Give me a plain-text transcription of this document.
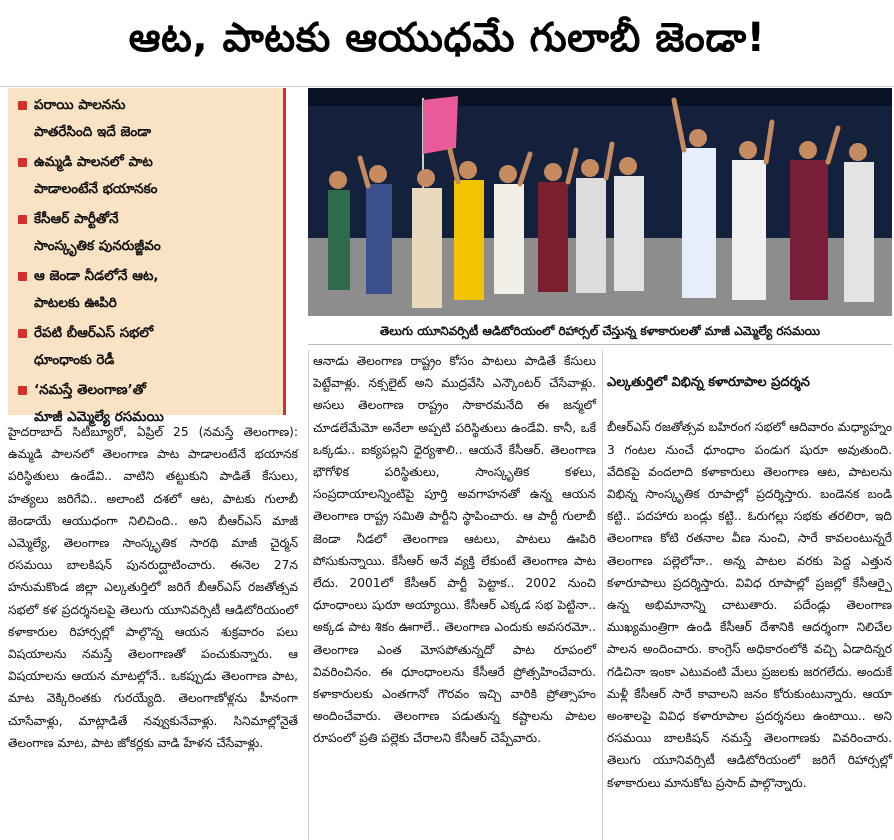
ఆట, పాటకు ఆయుధమే గులాబీ జెండా!
పరాయి పాలనను
పాతరేసింది ఇదే జెండా
ఉమ్మడి పాలనలో పాట
పాడాలంటేనే భయానకం
కేసీఆర్ పార్టీతోనే
సాంస్కృతిక పునరుజ్జీవం
ఆ జెండా నీడలోనే ఆట,
పాటలకు ఊపిరి
రేపటి బీఆర్ఎస్ సభలో
ధూంధాంకు రెడీ
‘నమస్తే తెలంగాణ’తో
మాజీ ఎమ్మెల్యే రసమయి
తెలుగు యూనివర్సిటీ ఆడిటోరియంలో రిహార్సల్ చేస్తున్న కళాకారులతో మాజీ ఎమ్మెల్యే రసమయి
హైదరాబాద్ సిటీబ్యూరో, ఏప్రిల్ 25 (నమస్తే తెలంగాణ): ఉమ్మడి పాలనలో తెలంగాణ పాట పాడాలంటేనే భయానక పరిస్థితులు ఉండేవి.. వాటిని తట్టుకుని పాడితే కేసులు, హత్యలు జరిగేవి.. అలాంటి దశలో ఆట, పాటకు గులాబీ జెండాయే ఆయుధంగా నిలిచింది.. అని బీఆర్ఎస్ మాజీ ఎమ్మెల్యే, తెలంగాణ సాంస్కృతిక సారథి మాజీ చైర్మన్ రసమయి బాలకిషన్ పునరుద్ఘాటించారు. ఈనెల 27న హనుమకొండ జిల్లా ఎల్కతుర్తిలో జరిగే బీఆర్ఎస్ రజతోత్సవ సభలో కళ ప్రదర్శనలపై తెలుగు యూనివర్సిటీ ఆడిటోరియంలో కళాకారుల రిహార్సల్లో పాల్గొన్న ఆయన శుక్రవారం పలు విషయాలను నమస్తే తెలంగాణతో పంచుకున్నారు. ఆ విషయాలను ఆయన మాటల్లోనే.. ఒకప్పుడు తెలంగాణ పాట, మాట వెక్కిరింతకు గురయ్యేది. తెలంగాణోళ్లను హీనంగా చూసేవాళ్లు, మాట్లాడితే నవ్వుకునేవాళ్లు. సినిమాల్లోనైతే తెలంగాణ మాట, పాట జోకర్లకు వాడి హేళన చేసేవాళ్లు.
ఆనాడు తెలంగాణ రాష్ట్రం కోసం పాటలు పాడితే కేసులు పెట్టేవాళ్లు. నక్సలైట్ అని ముద్రవేసి ఎన్కౌంటర్ చేసేవాళ్లు. అసలు తెలంగాణ రాష్ట్రం సాకారమనేది ఈ జన్మలో చూడలేమేమో అనేలా అప్పటి పరిస్థితులు ఉండేవి. కానీ, ఒకే ఒక్కడు.. ఐక్యపల్లని ధైర్యశాలి.. ఆయనే కేసీఆర్. తెలంగాణ భౌగోళిక పరిస్థితులు, సాంస్కృతిక కళలు, సంప్రదాయాలన్నింటిపై పూర్తి అవగాహనతో ఉన్న ఆయన తెలంగాణ రాష్ట్ర సమితి పార్టీని స్థాపించారు. ఆ పార్టీ గులాబీ జెండా నీడలో తెలంగాణ ఆటలు, పాటలు ఊపిరి పోసుకున్నాయి. కేసీఆర్ అనే వ్యక్తి లేకుంటే తెలంగాణ పాట లేదు. 2001లో కేసీఆర్ పార్టీ పెట్టాక.. 2002 నుంచి ధూంధాంలు షురూ అయ్యాయి. కేసీఆర్ ఎక్కడ సభ పెట్టినా.. అక్కడ పాట శికం ఊగాలే.. తెలంగాణ ఎందుకు అవసరమో.. తెలంగాణ ఎంత మోసపోతున్నదో పాట రూపంలో వివరించినం. ఈ ధూంధాంలను కేసీఆరే ప్రోత్సహించేవారు. కళాకారులకు ఎంతగానో గౌరవం ఇచ్చి వారికి ప్రోత్సాహం అందించేవారు. తెలంగాణ పడుతున్న కష్టాలను పాటల రూపంలో ప్రతి పల్లెకు చేరాలని కేసీఆర్ చెప్పేవారు.

ఎల్కతుర్తిలో విభిన్న కళారూపాల ప్రదర్శన

బీఆర్ఎస్ రజతోత్సవ బహిరంగ సభలో ఆదివారం మధ్యాహ్నం 3 గంటల నుంచే ధూంధాం పండుగ షురూ అవుతుంది. వేదికపై వందలాది కళాకారులు తెలంగాణ ఆట, పాటలను విభిన్న సాంస్కృతిక రూపాల్లో ప్రదర్శిస్తారు. బండెనక బండి కట్టి.. పదహారు బండ్లు కట్టి.. ఓరుగల్లు సభకు తరలిరా, ఇది తెలంగాణ కోటి రతనాల వీణ నుంచి, సారే కావలంటున్నరే తెలంగాణ పల్లెలోనా.. అన్న పాటల వరకు పెద్ద ఎత్తున కళారూపాలు ప్రదర్శిస్తారు. వివిధ రూపాల్లో ప్రజల్లో కేసీఆర్పై ఉన్న అభిమానాన్ని చాటుతారు. పదేండ్లు తెలంగాణ ముఖ్యమంత్రిగా ఉండి కేసీఆర్ దేశానికి ఆదర్శంగా నిలిచేల పాలన అందించారు. కాంగ్రెస్ అధికారంలోకి వచ్చి ఏడాదిన్నర గడిచినా ఇంకా ఎటువంటి మేలు ప్రజలకు జరగలేదు. అందుకే మళ్లీ కేసీఆర్ సారే కావాలని జనం కోరుకుంటున్నారు. ఆయా అంశాలపై వివిధ కళారూపాల ప్రదర్శనలు ఉంటాయి.. అని రసమయి బాలకిషన్ నమస్తే తెలంగాణకు వివరించారు. తెలుగు యూనివర్సిటీ ఆడిటోరియంలో జరిగే రిహార్సల్లో కళాకారులు మానుకోట ప్రసాద్ పాల్గొన్నారు.
